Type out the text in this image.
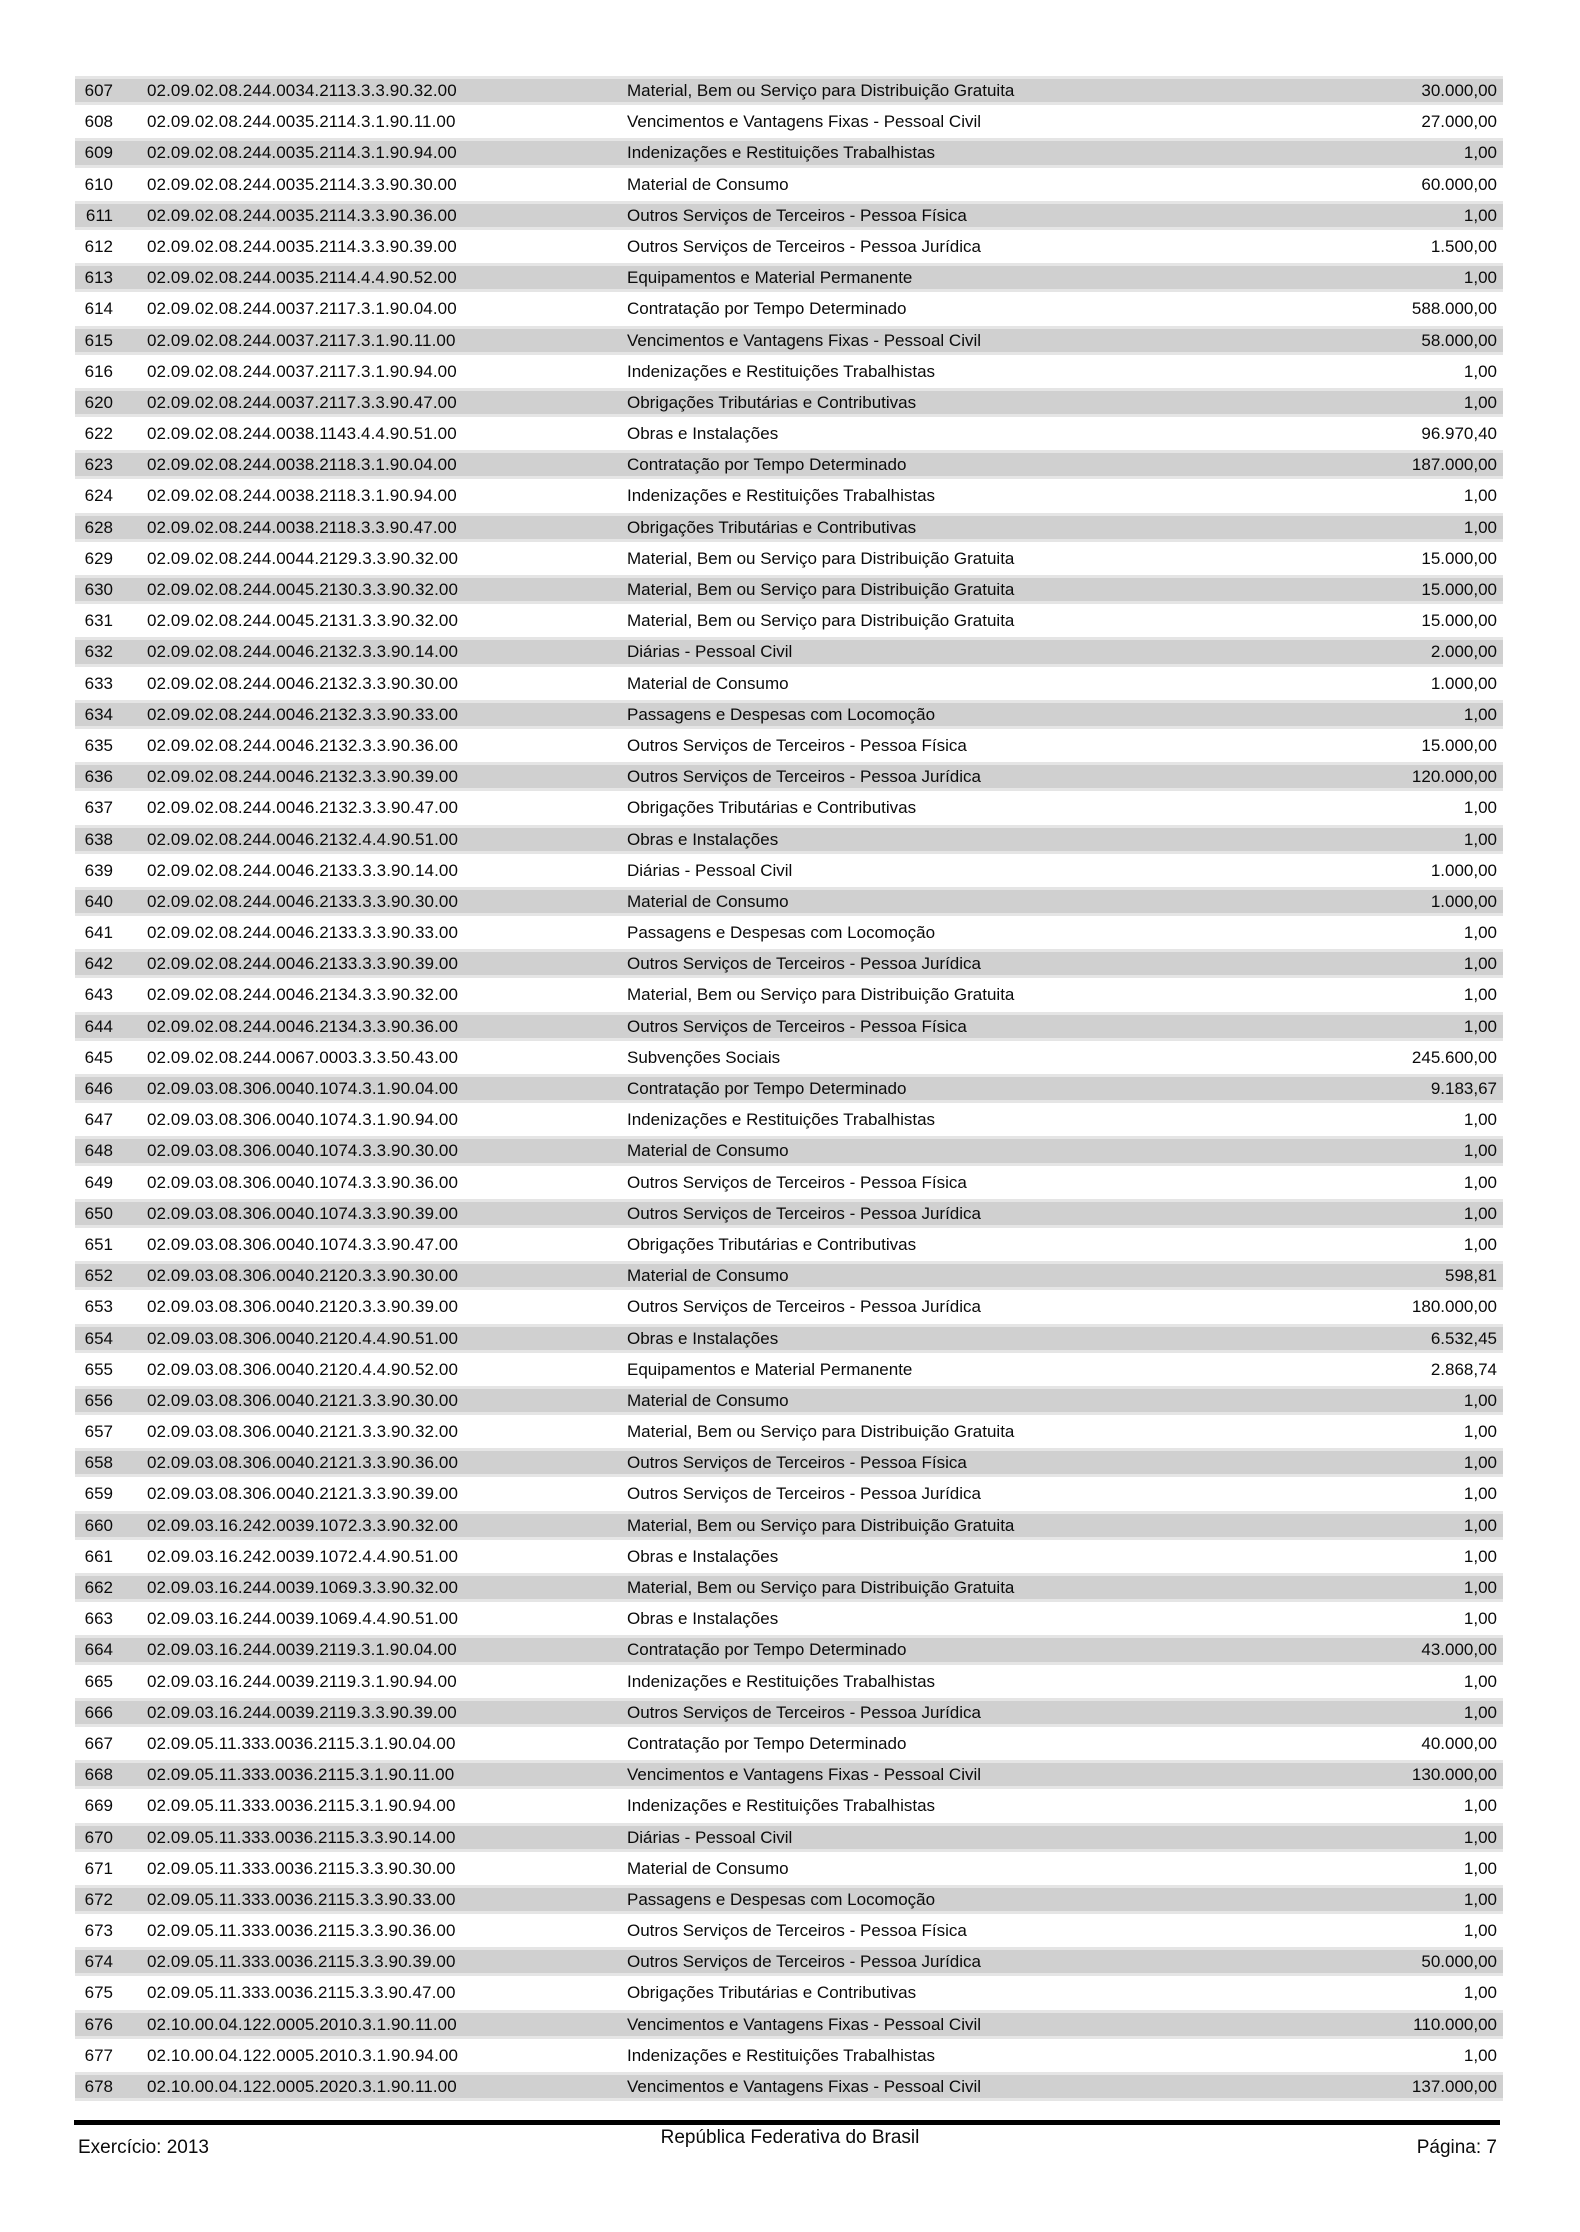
607 02.09.02.08.244.0034.2113.3.3.90.32.00	Material, Bem ou Serviço para Distribuição Gratuita	30.000,00
608 02.09.02.08.244.0035.2114.3.1.90.11.00	Vencimentos e Vantagens Fixas - Pessoal Civil	27.000,00
609 02.09.02.08.244.0035.2114.3.1.90.94.00	Indenizações e Restituições Trabalhistas	1,00
610 02.09.02.08.244.0035.2114.3.3.90.30.00	Material de Consumo	60.000,00
611 02.09.02.08.244.0035.2114.3.3.90.36.00	Outros Serviços de Terceiros - Pessoa Física	1,00
612 02.09.02.08.244.0035.2114.3.3.90.39.00	Outros Serviços de Terceiros - Pessoa Jurídica	1.500,00
613 02.09.02.08.244.0035.2114.4.4.90.52.00	Equipamentos e Material Permanente	1,00
614 02.09.02.08.244.0037.2117.3.1.90.04.00	Contratação por Tempo Determinado	588.000,00
615 02.09.02.08.244.0037.2117.3.1.90.11.00	Vencimentos e Vantagens Fixas - Pessoal Civil	58.000,00
616 02.09.02.08.244.0037.2117.3.1.90.94.00	Indenizações e Restituições Trabalhistas	1,00
620 02.09.02.08.244.0037.2117.3.3.90.47.00	Obrigações Tributárias e Contributivas	1,00
622 02.09.02.08.244.0038.1143.4.4.90.51.00	Obras e Instalações	96.970,40
623 02.09.02.08.244.0038.2118.3.1.90.04.00	Contratação por Tempo Determinado	187.000,00
624 02.09.02.08.244.0038.2118.3.1.90.94.00	Indenizações e Restituições Trabalhistas	1,00
628 02.09.02.08.244.0038.2118.3.3.90.47.00	Obrigações Tributárias e Contributivas	1,00
629 02.09.02.08.244.0044.2129.3.3.90.32.00	Material, Bem ou Serviço para Distribuição Gratuita	15.000,00
630 02.09.02.08.244.0045.2130.3.3.90.32.00	Material, Bem ou Serviço para Distribuição Gratuita	15.000,00
631 02.09.02.08.244.0045.2131.3.3.90.32.00	Material, Bem ou Serviço para Distribuição Gratuita	15.000,00
632 02.09.02.08.244.0046.2132.3.3.90.14.00	Diárias - Pessoal Civil	2.000,00
633 02.09.02.08.244.0046.2132.3.3.90.30.00	Material de Consumo	1.000,00
634 02.09.02.08.244.0046.2132.3.3.90.33.00	Passagens e Despesas com Locomoção	1,00
635 02.09.02.08.244.0046.2132.3.3.90.36.00	Outros Serviços de Terceiros - Pessoa Física	15.000,00
636 02.09.02.08.244.0046.2132.3.3.90.39.00	Outros Serviços de Terceiros - Pessoa Jurídica	120.000,00
637 02.09.02.08.244.0046.2132.3.3.90.47.00	Obrigações Tributárias e Contributivas	1,00
638 02.09.02.08.244.0046.2132.4.4.90.51.00	Obras e Instalações	1,00
639 02.09.02.08.244.0046.2133.3.3.90.14.00	Diárias - Pessoal Civil	1.000,00
640 02.09.02.08.244.0046.2133.3.3.90.30.00	Material de Consumo	1.000,00
641 02.09.02.08.244.0046.2133.3.3.90.33.00	Passagens e Despesas com Locomoção	1,00
642 02.09.02.08.244.0046.2133.3.3.90.39.00	Outros Serviços de Terceiros - Pessoa Jurídica	1,00
643 02.09.02.08.244.0046.2134.3.3.90.32.00	Material, Bem ou Serviço para Distribuição Gratuita	1,00
644 02.09.02.08.244.0046.2134.3.3.90.36.00	Outros Serviços de Terceiros - Pessoa Física	1,00
645 02.09.02.08.244.0067.0003.3.3.50.43.00	Subvenções Sociais	245.600,00
646 02.09.03.08.306.0040.1074.3.1.90.04.00	Contratação por Tempo Determinado	9.183,67
647 02.09.03.08.306.0040.1074.3.1.90.94.00	Indenizações e Restituições Trabalhistas	1,00
648 02.09.03.08.306.0040.1074.3.3.90.30.00	Material de Consumo	1,00
649 02.09.03.08.306.0040.1074.3.3.90.36.00	Outros Serviços de Terceiros - Pessoa Física	1,00
650 02.09.03.08.306.0040.1074.3.3.90.39.00	Outros Serviços de Terceiros - Pessoa Jurídica	1,00
651 02.09.03.08.306.0040.1074.3.3.90.47.00	Obrigações Tributárias e Contributivas	1,00
652 02.09.03.08.306.0040.2120.3.3.90.30.00	Material de Consumo	598,81
653 02.09.03.08.306.0040.2120.3.3.90.39.00	Outros Serviços de Terceiros - Pessoa Jurídica	180.000,00
654 02.09.03.08.306.0040.2120.4.4.90.51.00	Obras e Instalações	6.532,45
655 02.09.03.08.306.0040.2120.4.4.90.52.00	Equipamentos e Material Permanente	2.868,74
656 02.09.03.08.306.0040.2121.3.3.90.30.00	Material de Consumo	1,00
657 02.09.03.08.306.0040.2121.3.3.90.32.00	Material, Bem ou Serviço para Distribuição Gratuita	1,00
658 02.09.03.08.306.0040.2121.3.3.90.36.00	Outros Serviços de Terceiros - Pessoa Física	1,00
659 02.09.03.08.306.0040.2121.3.3.90.39.00	Outros Serviços de Terceiros - Pessoa Jurídica	1,00
660 02.09.03.16.242.0039.1072.3.3.90.32.00	Material, Bem ou Serviço para Distribuição Gratuita	1,00
661 02.09.03.16.242.0039.1072.4.4.90.51.00	Obras e Instalações	1,00
662 02.09.03.16.244.0039.1069.3.3.90.32.00	Material, Bem ou Serviço para Distribuição Gratuita	1,00
663 02.09.03.16.244.0039.1069.4.4.90.51.00	Obras e Instalações	1,00
664 02.09.03.16.244.0039.2119.3.1.90.04.00	Contratação por Tempo Determinado	43.000,00
665 02.09.03.16.244.0039.2119.3.1.90.94.00	Indenizações e Restituições Trabalhistas	1,00
666 02.09.03.16.244.0039.2119.3.3.90.39.00	Outros Serviços de Terceiros - Pessoa Jurídica	1,00
667 02.09.05.11.333.0036.2115.3.1.90.04.00	Contratação por Tempo Determinado	40.000,00
668 02.09.05.11.333.0036.2115.3.1.90.11.00	Vencimentos e Vantagens Fixas - Pessoal Civil	130.000,00
669 02.09.05.11.333.0036.2115.3.1.90.94.00	Indenizações e Restituições Trabalhistas	1,00
670 02.09.05.11.333.0036.2115.3.3.90.14.00	Diárias - Pessoal Civil	1,00
671 02.09.05.11.333.0036.2115.3.3.90.30.00	Material de Consumo	1,00
672 02.09.05.11.333.0036.2115.3.3.90.33.00	Passagens e Despesas com Locomoção	1,00
673 02.09.05.11.333.0036.2115.3.3.90.36.00	Outros Serviços de Terceiros - Pessoa Física	1,00
674 02.09.05.11.333.0036.2115.3.3.90.39.00	Outros Serviços de Terceiros - Pessoa Jurídica	50.000,00
675 02.09.05.11.333.0036.2115.3.3.90.47.00	Obrigações Tributárias e Contributivas	1,00
676 02.10.00.04.122.0005.2010.3.1.90.11.00	Vencimentos e Vantagens Fixas - Pessoal Civil	110.000,00
677 02.10.00.04.122.0005.2010.3.1.90.94.00	Indenizações e Restituições Trabalhistas	1,00
678 02.10.00.04.122.0005.2020.3.1.90.11.00	Vencimentos e Vantagens Fixas - Pessoal Civil	137.000,00
República Federativa do Brasil
Exercício: 2013	Página: 7
